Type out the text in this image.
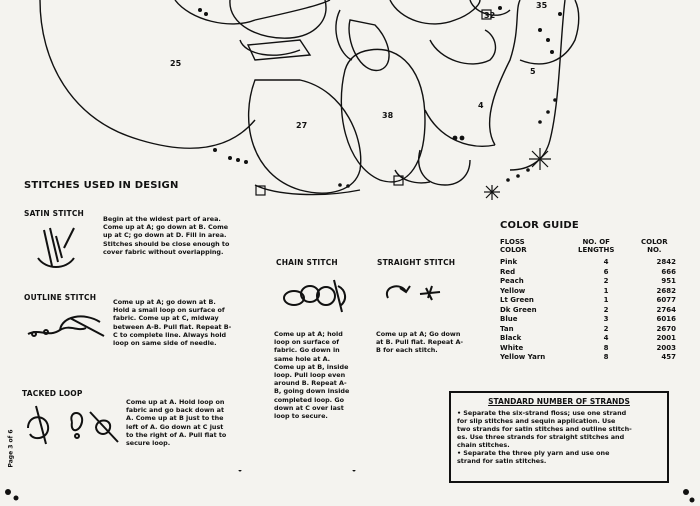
25
27
38
4
5
35
32
STITCHES USED IN DESIGN
SATIN STITCH
Begin at the widest part of area.
Come up at A; go down at B. Come
up at C; go down at D. Fill in area.
Stitches should be close enough to
cover fabric without overlapping.
OUTLINE STITCH	Come up at A; go down at B.
Hold a small loop on surface of
fabric. Come up at C, midway
between A-B. Pull flat. Repeat B-
C to complete line. Always hold
loop on same side of needle.
TACKED LOOP
Come up at A. Hold loop on
fabric and go back down at
A. Come up at B just to the
left of A. Go down at C just
to the right of A. Pull flat to
secure loop.
CHAIN STITCH
Come up at A; hold
loop on surface of
fabric. Go down in
same hole at A.
Come up at B, inside
loop. Pull loop even
around B. Repeat A-
B, going down inside
completed loop. Go
down at C over last
loop to secure.
STRAIGHT STITCH
Come up at A; Go down
at B. Pull flat. Repeat A-
B for each stitch.
COLOR GUIDE
FLOSS
COLOR
NO. OF
LENGTHS
COLOR
NO.
Pink	4	2842
Red	6	666
Peach	2	951
Yellow	1	2682
Lt Green	1	6077
Dk Green	2	2764
Blue	3	6016
Tan	2	2670
Black	4	2001
White	8	2003
Yellow Yarn	8	457
STANDARD NUMBER OF STRANDS
• Separate the six-strand floss; use one strand
for slip stitches and sequin application. Use
two strands for satin stitches and outline stitch-
es. Use three strands for straight stitches and
chain stitches.
• Separate the three ply yarn and use one
strand for satin stitches.
Page 3 of 6
